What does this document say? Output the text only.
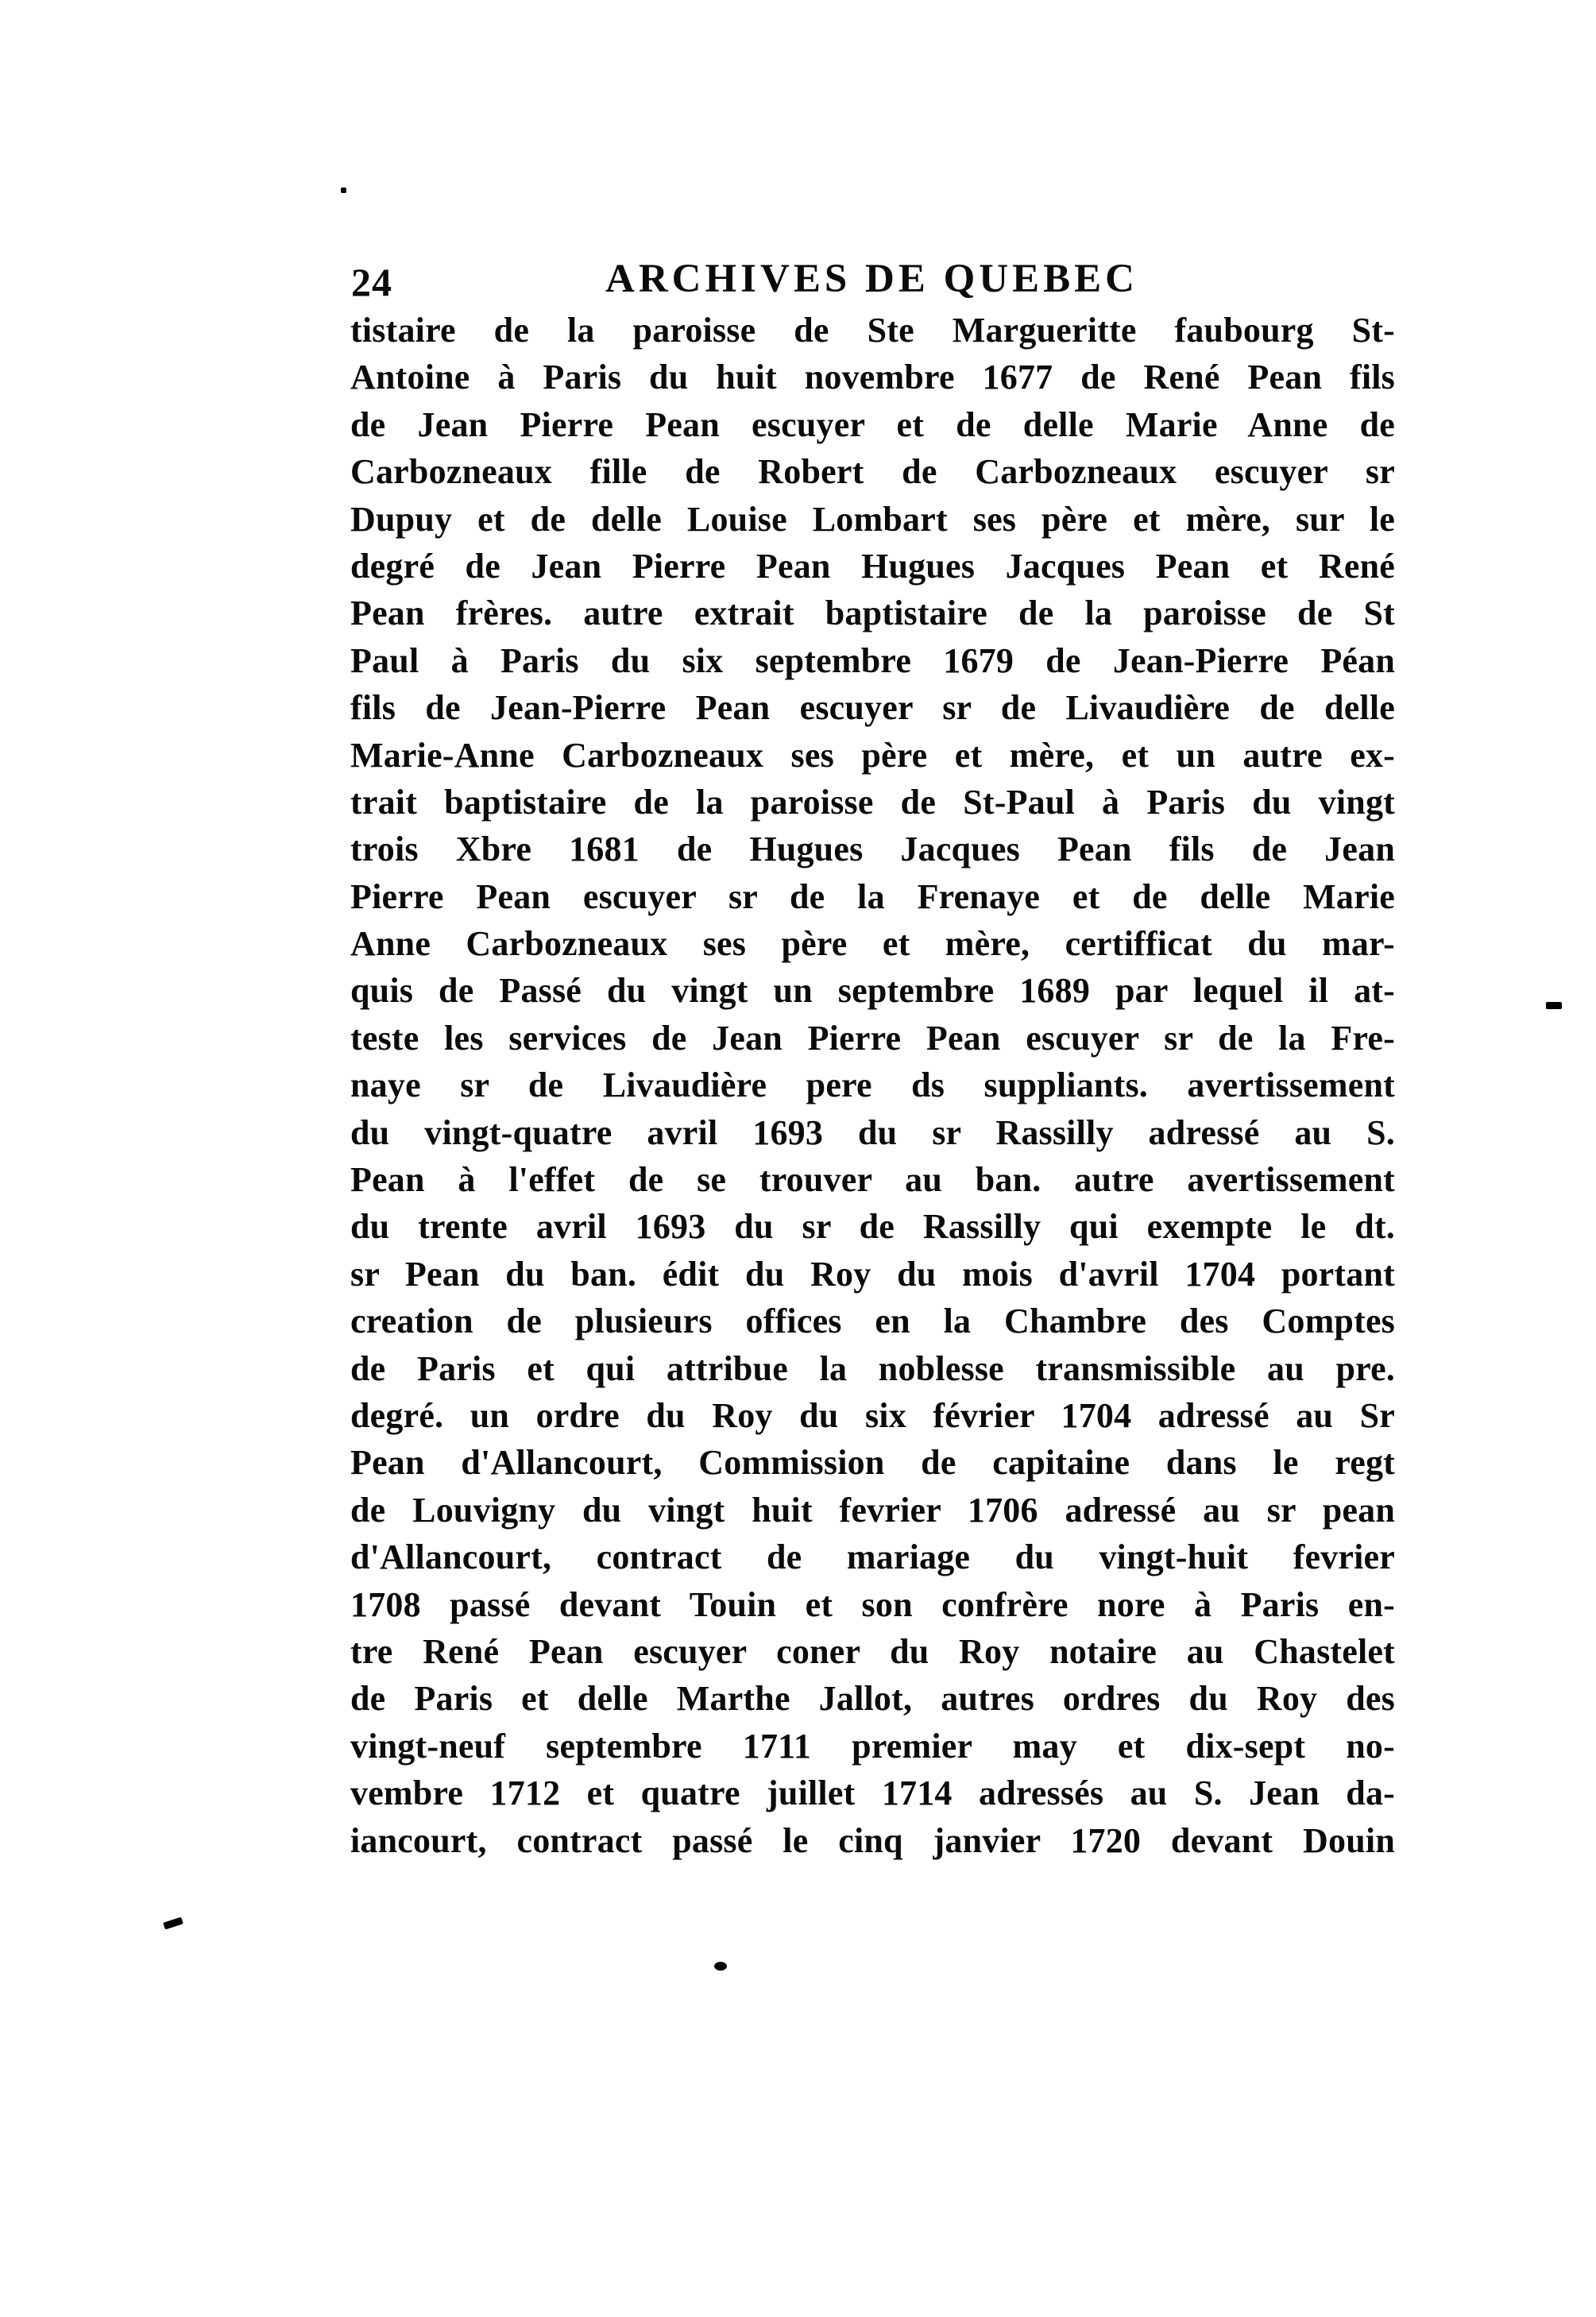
24	ARCHIVES DE QUEBEC
tistaire de la paroisse de Ste Margueritte faubourg St-
Antoine à Paris du huit novembre 1677 de René Pean fils
de Jean Pierre Pean escuyer et de delle Marie Anne de
Carbozneaux fille de Robert de Carbozneaux escuyer sr
Dupuy et de delle Louise Lombart ses père et mère, sur le
degré de Jean Pierre Pean Hugues Jacques Pean et René
Pean frères. autre extrait baptistaire de la paroisse de St
Paul à Paris du six septembre 1679 de Jean-Pierre Péan
fils de Jean-Pierre Pean escuyer sr de Livaudière de delle
Marie-Anne Carbozneaux ses père et mère, et un autre ex-
trait baptistaire de la paroisse de St-Paul à Paris du vingt
trois Xbre 1681 de Hugues Jacques Pean fils de Jean
Pierre Pean escuyer sr de la Frenaye et de delle Marie
Anne Carbozneaux ses père et mère, certifficat du mar-
quis de Passé du vingt un septembre 1689 par lequel il at-
teste les services de Jean Pierre Pean escuyer sr de la Fre-
naye sr de Livaudière pere ds suppliants. avertissement
du vingt-quatre avril 1693 du sr Rassilly adressé au S.
Pean à l'effet de se trouver au ban. autre avertissement
du trente avril 1693 du sr de Rassilly qui exempte le dt.
sr Pean du ban. édit du Roy du mois d'avril 1704 portant
creation de plusieurs offices en la Chambre des Comptes
de Paris et qui attribue la noblesse transmissible au pre.
degré. un ordre du Roy du six février 1704 adressé au Sr
Pean d'Allancourt, Commission de capitaine dans le regt
de Louvigny du vingt huit fevrier 1706 adressé au sr pean
d'Allancourt, contract de mariage du vingt-huit fevrier
1708 passé devant Touin et son confrère nore à Paris en-
tre René Pean escuyer coner du Roy notaire au Chastelet
de Paris et delle Marthe Jallot, autres ordres du Roy des
vingt-neuf septembre 1711 premier may et dix-sept no-
vembre 1712 et quatre juillet 1714 adressés au S. Jean da-
iancourt, contract passé le cinq janvier 1720 devant Douin
